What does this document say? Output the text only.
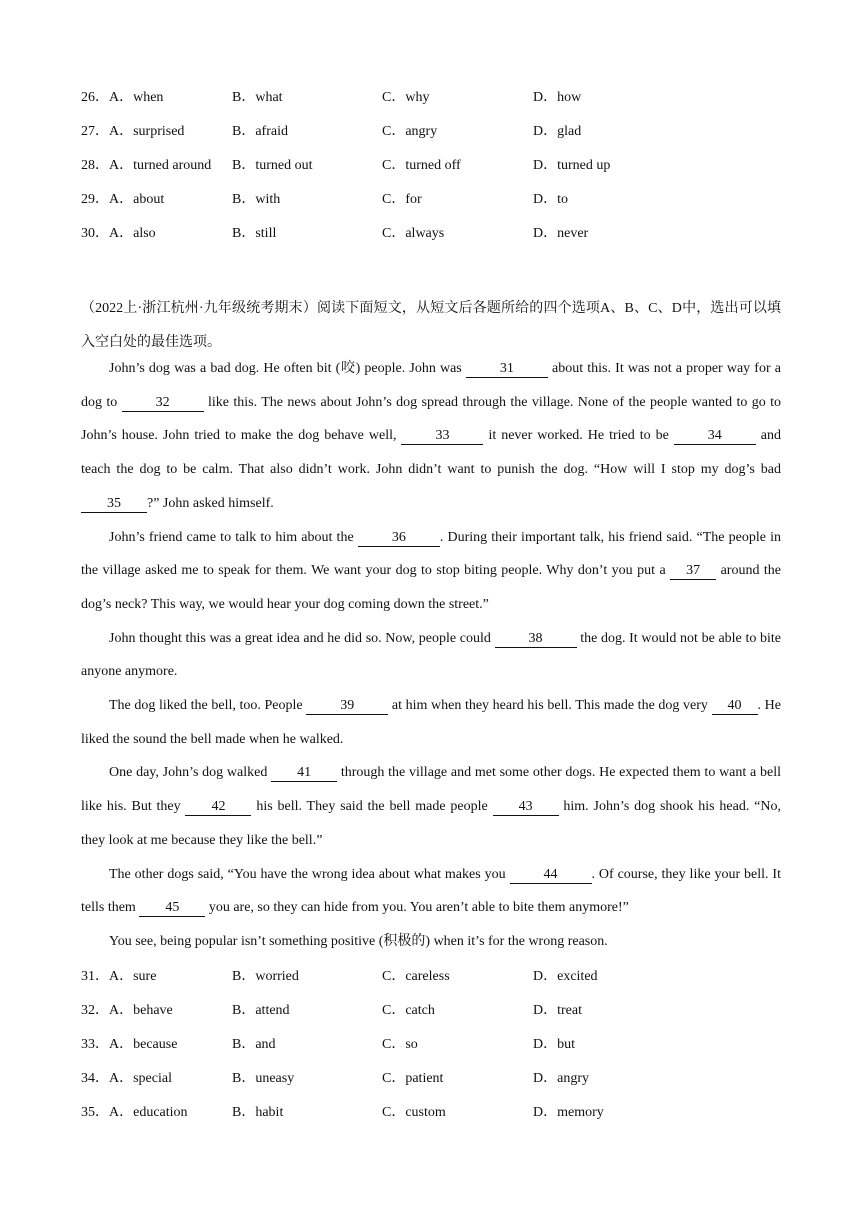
26．A．when	B．what	C．why	D．how
27．A．surprised	B．afraid	C．angry	D．glad
28．A．turned around B．turned out	C．turned off	D．turned up
29．A．about	B．with	C．for	D．to
30．A．also	B．still	C．always	D．never
（2022上·浙江杭州·九年级统考期末）阅读下面短文，从短文后各题所给的四个选项A、B、C、D中，选出可以填入空白处的最佳选项。

John’s dog was a bad dog. He often bit (咬) people. John was 31 about this. It was not a proper way for a dog to 32 like this. The news about John’s dog spread through the village. None of the people wanted to go to John’s house. John tried to make the dog behave well, 33 it never worked. He tried to be 34 and teach the dog to be calm. That also didn’t work. John didn’t want to punish the dog. “How will I stop my dog’s bad 35 ?” John asked himself.

John’s friend came to talk to him about the 36 . During their important talk, his friend said. “The people in the village asked me to speak for them. We want your dog to stop biting people. Why don’t you put a 37 around the dog’s neck? This way, we would hear your dog coming down the street.”

John thought this was a great idea and he did so. Now, people could 38 the dog. It would not be able to bite anyone anymore.

The dog liked the bell, too. People 39 at him when they heard his bell. This made the dog very 40 . He liked the sound the bell made when he walked.

One day, John’s dog walked 41 through the village and met some other dogs. He expected them to want a bell like his. But they 42 his bell. They said the bell made people 43 him. John’s dog shook his head. “No, they look at me because they like the bell.”

The other dogs said, “You have the wrong idea about what makes you 44 . Of course, they like your bell. It tells them 45 you are, so they can hide from you. You aren’t able to bite them anymore!”

You see, being popular isn’t something positive (积极的) when it’s for the wrong reason.

31．A．sure	B．worried	C．careless	D．excited
32．A．behave	B．attend	C．catch	D．treat
33．A．because	B．and	C．so	D．but
34．A．special	B．uneasy	C．patient	D．angry
35．A．education	B．habit	C．custom	D．memory
